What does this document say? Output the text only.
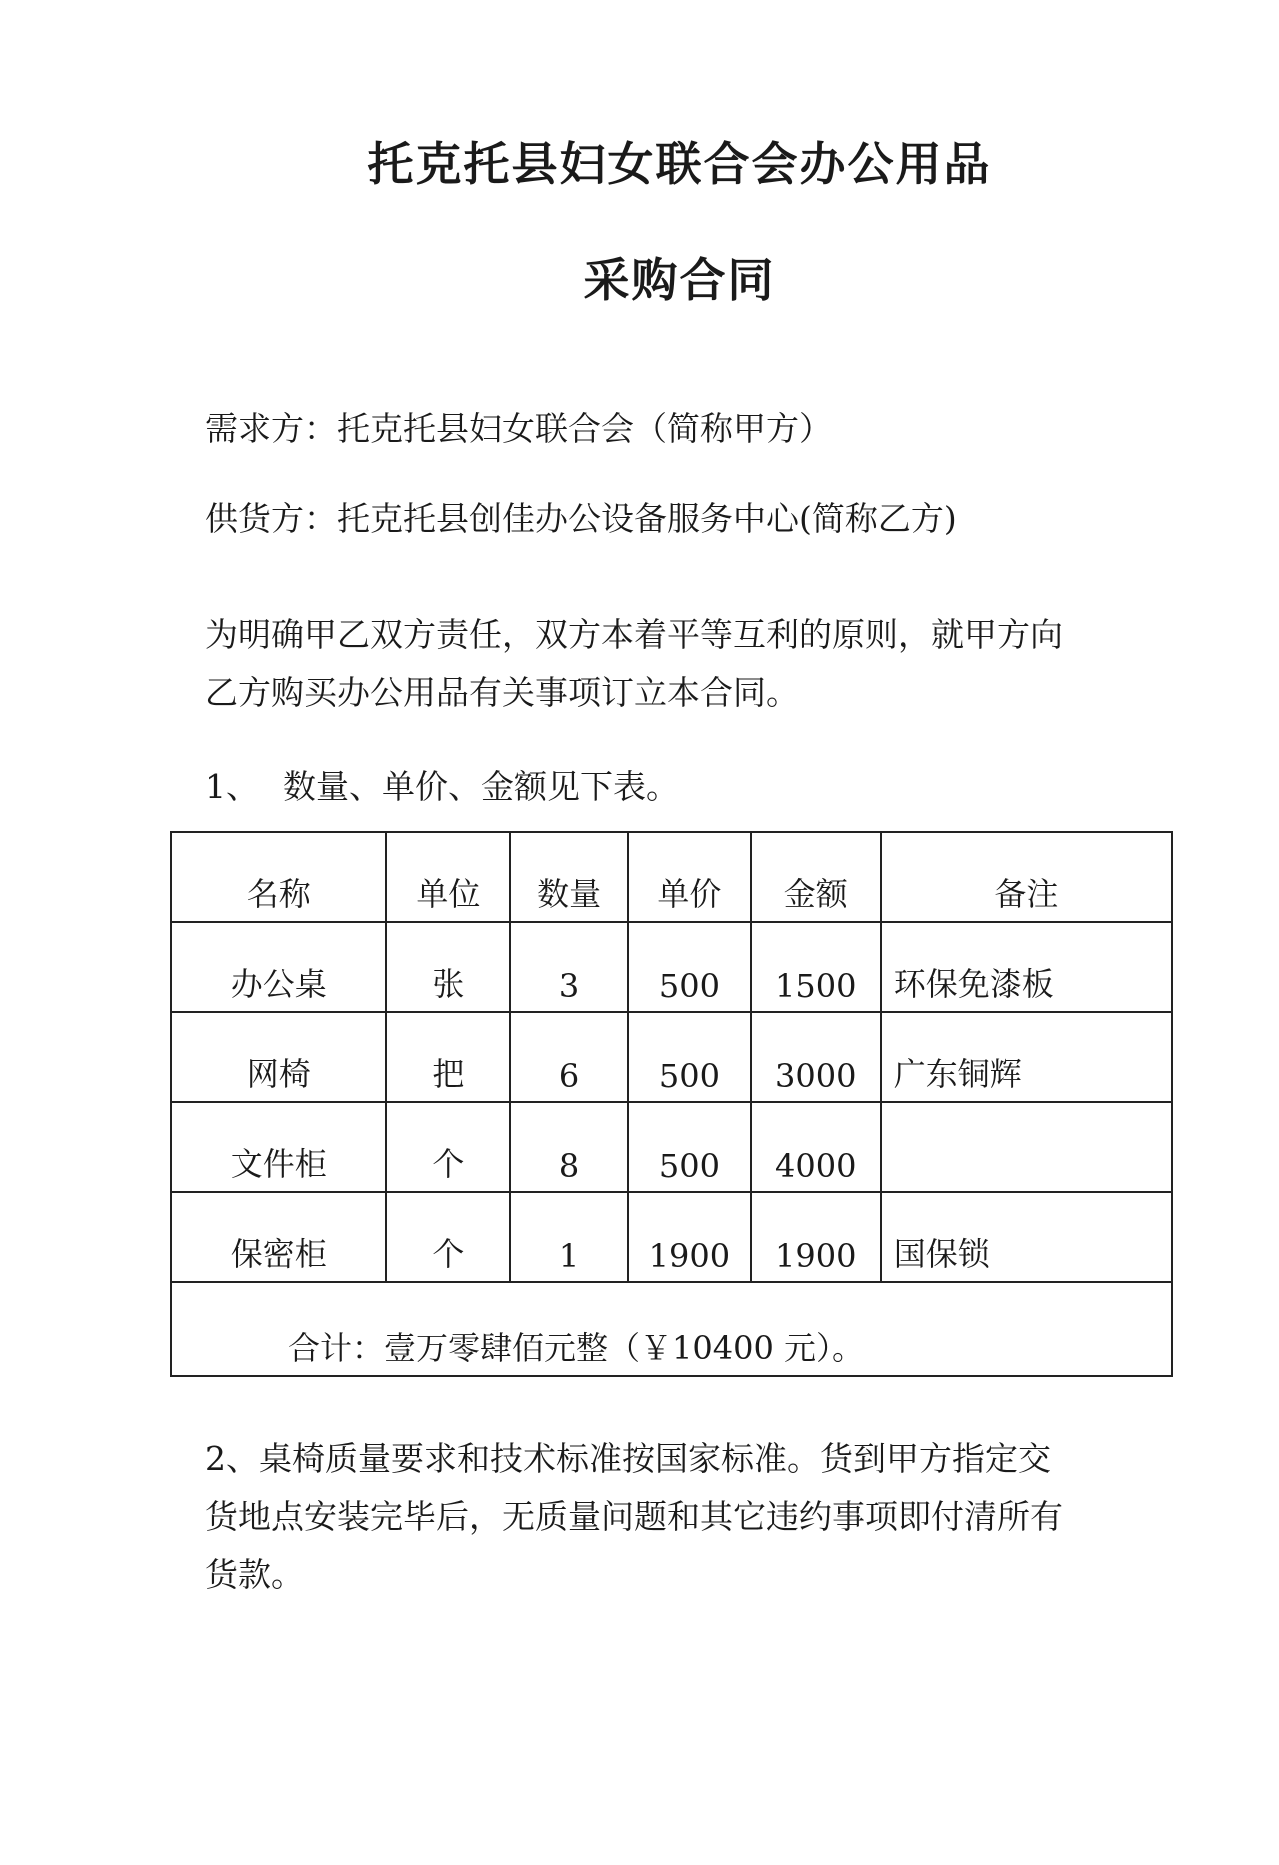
托克托县妇女联合会办公用品
采购合同
需求方：托克托县妇女联合会（简称甲方）
供货方：托克托县创佳办公设备服务中心(简称乙方)
为明确甲乙双方责任，双方本着平等互利的原则，就甲方向
乙方购买办公用品有关事项订立本合同。
1、 数量、单价、金额见下表。
名称	单位	数量	单价	金额	备注
办公桌	张	3	500	1500	环保免漆板
网椅	把	6	500	3000	广东铜辉
文件柜	个	8	500	4000	
保密柜	个	1	1900	1900	国保锁
合计：壹万零肆佰元整（￥10400 元）。					
2、桌椅质量要求和技术标准按国家标准。货到甲方指定交
货地点安装完毕后，无质量问题和其它违约事项即付清所有
货款。
